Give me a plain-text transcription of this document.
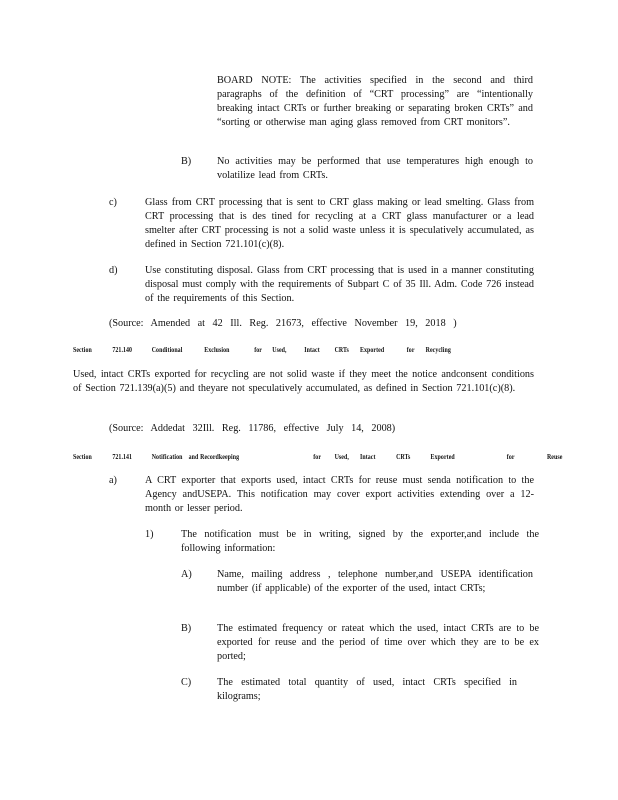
BOARD NOTE: The activities specified in the second and third paragraphs of the definition of “CRT processing” are “intentionally breaking intact CRTs or further breaking or separating broken CRTs” and “sorting or otherwise man aging glass removed from CRT monitors”.
B)	No activities may be performed that use temperatures high enough to volatilize lead from CRTs.
c)	Glass from CRT processing that is sent to CRT glass making or lead smelting. Glass from CRT processing that is des tined for recycling at a CRT glass manufacturer or a lead smelter after CRT processing is not a solid waste unless it is speculatively accumulated, as defined in Section 721.101(c)(8).
d)	Use constituting disposal. Glass from CRT processing that is used in a manner constituting disposal must comply with the requirements of Subpart C of 35 Ill. Adm. Code 726 instead of the requirements of this Section.
(Source: Amended at 42 Ill. Reg. 21673, effective November 19, 2018 )
Section	721.140	Conditional	Exclusion	for Used, Intact CRTs Exported	for Recycling
Used, intact CRTs exported for recycling are not solid waste if they meet the notice andconsent conditions of Section 721.139(a)(5) and theyare not speculatively accumulated, as defined in Section 721.101(c)(8).
(Source: Addedat 32Ill. Reg. 11786, effective July 14, 2008)
Section	721.141	Notification and Recordkeeping	for Used, Intact	CRTs	Exported	for	Reuse
a)	A CRT exporter that exports used, intact CRTs for reuse must senda notification to the Agency andUSEPA. This notification may cover export activities extending over a 12-month or lesser period.
1)	The notification must be in writing, signed by the exporter,and include the following information:
A) Name, mailing address , telephone number,and USEPA identification number (if applicable) of the exporter of the used, intact CRTs;
B)	The estimated frequency or rateat which the used, intact CRTs are to be exported for reuse and the period of time over which they are to be ex ported;
C)	The estimated total quantity of used, intact CRTs specified in kilograms;
